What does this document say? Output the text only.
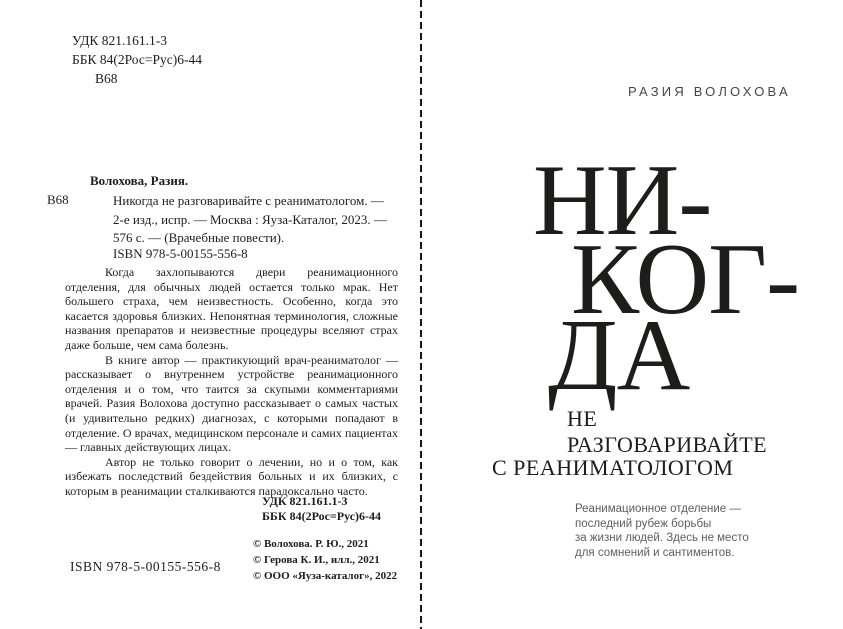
УДК 821.161.1-3
ББК 84(2Рос=Рус)6-44
В68
Волохова, Разия.
В68	Никогда не разговаривайте с реаниматологом. —
2-е изд., испр. — Москва : Яуза-Каталог, 2023. —
576 с. — (Врачебные повести).
ISBN 978-5-00155-556-8

Когда захлопываются двери реанимационного отделения, для обычных людей остается только мрак. Нет большего страха, чем неизвестность. Особенно, когда это касается здоровья близких. Непонятная терминология, сложные названия препаратов и неизвестные процедуры вселяют страх даже больше, чем сама болезнь.

В книге автор — практикующий врач-реаниматолог — рассказывает о внутреннем устройстве реанимационного отделения и о том, что таится за скупыми комментариями врачей. Разия Волохова доступно рассказывает о самых частых (и удивительно редких) диагнозах, с которыми попадают в отделение. О врачах, медицинском персонале и самих пациентах — главных действующих лицах.

Автор не только говорит о лечении, но и о том, как избежать последствий бездействия больных и их близких, с которым в реанимации сталкиваются парадоксально часто.

УДК 821.161.1-3
ББК 84(2Рос=Рус)6-44
© Волохова. Р. Ю., 2021
© Герова К. И., илл., 2021
© ООО «Яуза-каталог», 2022
ISBN 978-5-00155-556-8
РАЗИЯ ВОЛОХОВА
НИ-
КОГ-
ДА
НЕ
РАЗГОВАРИВАЙТЕ
С РЕАНИМАТОЛОГОМ
Реанимационное отделение —
последний рубеж борьбы
за жизни людей. Здесь не место
для сомнений и сантиментов.
